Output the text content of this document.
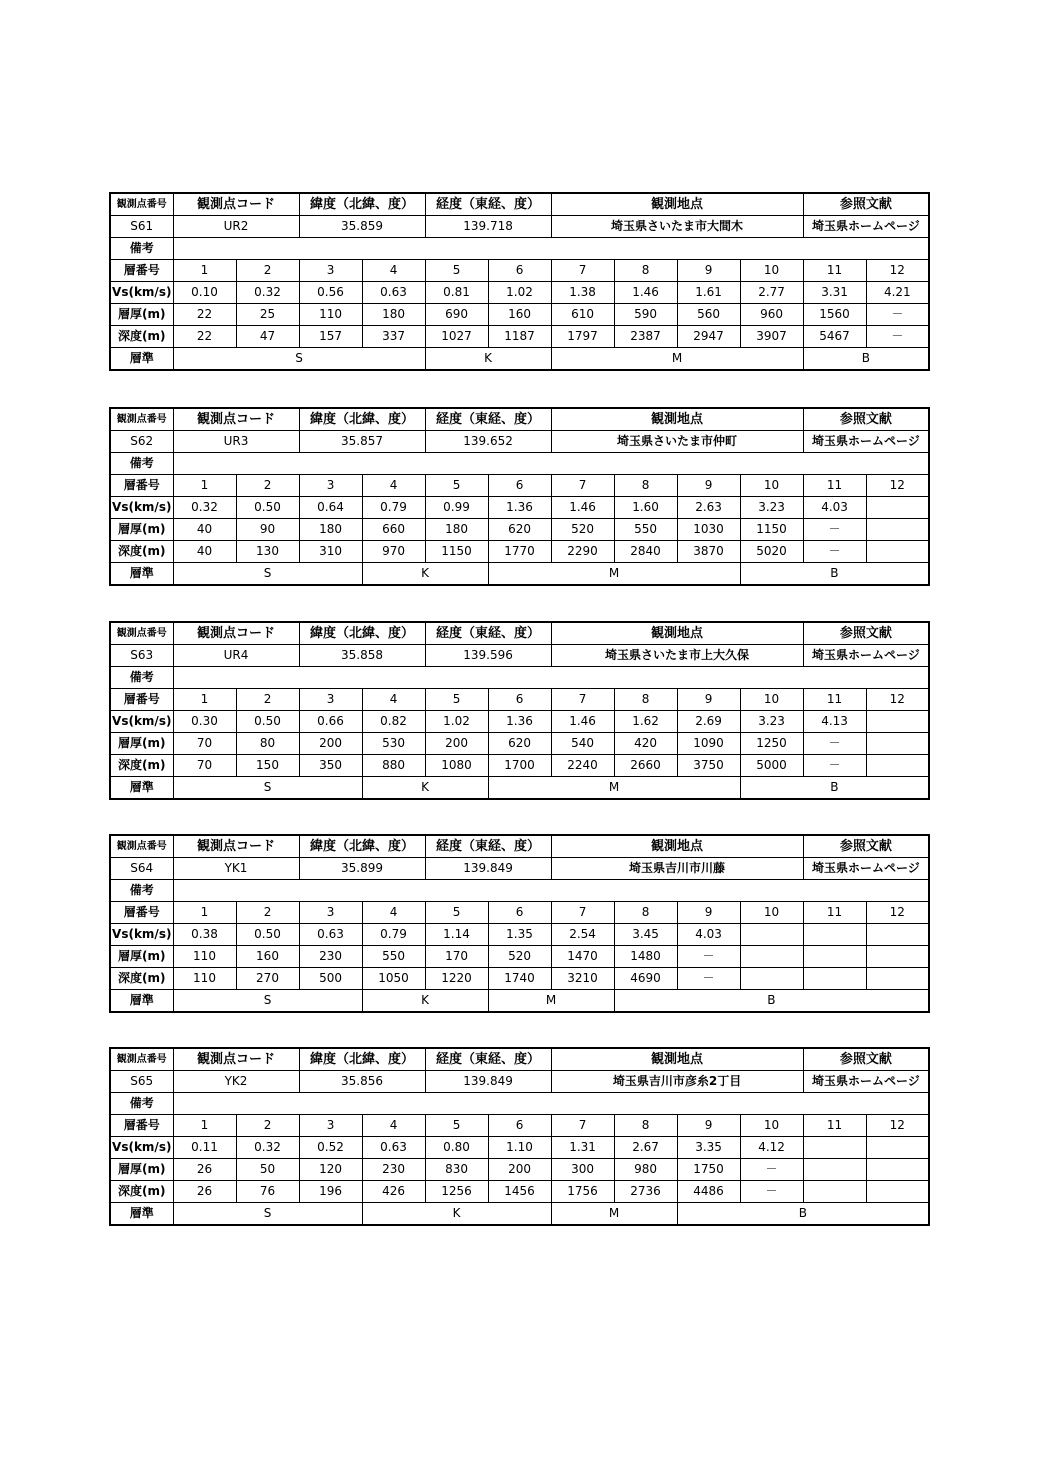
観測点番号	観測点コード		緯度（北緯、度）		経度（東経、度）		観測地点				参照文献	
S61	UR2		35.859		139.718		埼玉県さいたま市大間木				埼玉県ホームページ	
備考												
層番号	1	2	3	4	5	6	7	8	9	10	11	12
Vs(km/s)	0.10	0.32	0.56	0.63	0.81	1.02	1.38	1.46	1.61	2.77	3.31	4.21
層厚(m)	22	25	110	180	690	160	610	590	560	960	1560	－
深度(m)	22	47	157	337	1027	1187	1797	2387	2947	3907	5467	－
層準	S				K		M				B	
観測点番号	観測点コード		緯度（北緯、度）		経度（東経、度）		観測地点				参照文献	
S62	UR3		35.857		139.652		埼玉県さいたま市仲町				埼玉県ホームページ	
備考												
層番号	1	2	3	4	5	6	7	8	9	10	11	12
Vs(km/s)	0.32	0.50	0.64	0.79	0.99	1.36	1.46	1.60	2.63	3.23	4.03	
層厚(m)	40	90	180	660	180	620	520	550	1030	1150	－	
深度(m)	40	130	310	970	1150	1770	2290	2840	3870	5020	－	
層準	S			K		M				B		
観測点番号	観測点コード		緯度（北緯、度）		経度（東経、度）		観測地点				参照文献	
S63	UR4		35.858		139.596		埼玉県さいたま市上大久保				埼玉県ホームページ	
備考												
層番号	1	2	3	4	5	6	7	8	9	10	11	12
Vs(km/s)	0.30	0.50	0.66	0.82	1.02	1.36	1.46	1.62	2.69	3.23	4.13	
層厚(m)	70	80	200	530	200	620	540	420	1090	1250	－	
深度(m)	70	150	350	880	1080	1700	2240	2660	3750	5000	－	
層準	S			K		M				B		
観測点番号	観測点コード		緯度（北緯、度）		経度（東経、度）		観測地点				参照文献	
S64	YK1		35.899		139.849		埼玉県吉川市川藤				埼玉県ホームページ	
備考												
層番号	1	2	3	4	5	6	7	8	9	10	11	12
Vs(km/s)	0.38	0.50	0.63	0.79	1.14	1.35	2.54	3.45	4.03			
層厚(m)	110	160	230	550	170	520	1470	1480	－			
深度(m)	110	270	500	1050	1220	1740	3210	4690	－			
層準	S			K		M		B				
観測点番号	観測点コード		緯度（北緯、度）		経度（東経、度）		観測地点				参照文献	
S65	YK2		35.856		139.849		埼玉県吉川市彦糸2丁目				埼玉県ホームページ	
備考												
層番号	1	2	3	4	5	6	7	8	9	10	11	12
Vs(km/s)	0.11	0.32	0.52	0.63	0.80	1.10	1.31	2.67	3.35	4.12		
層厚(m)	26	50	120	230	830	200	300	980	1750	－		
深度(m)	26	76	196	426	1256	1456	1756	2736	4486	－		
層準	S			K			M		B			
